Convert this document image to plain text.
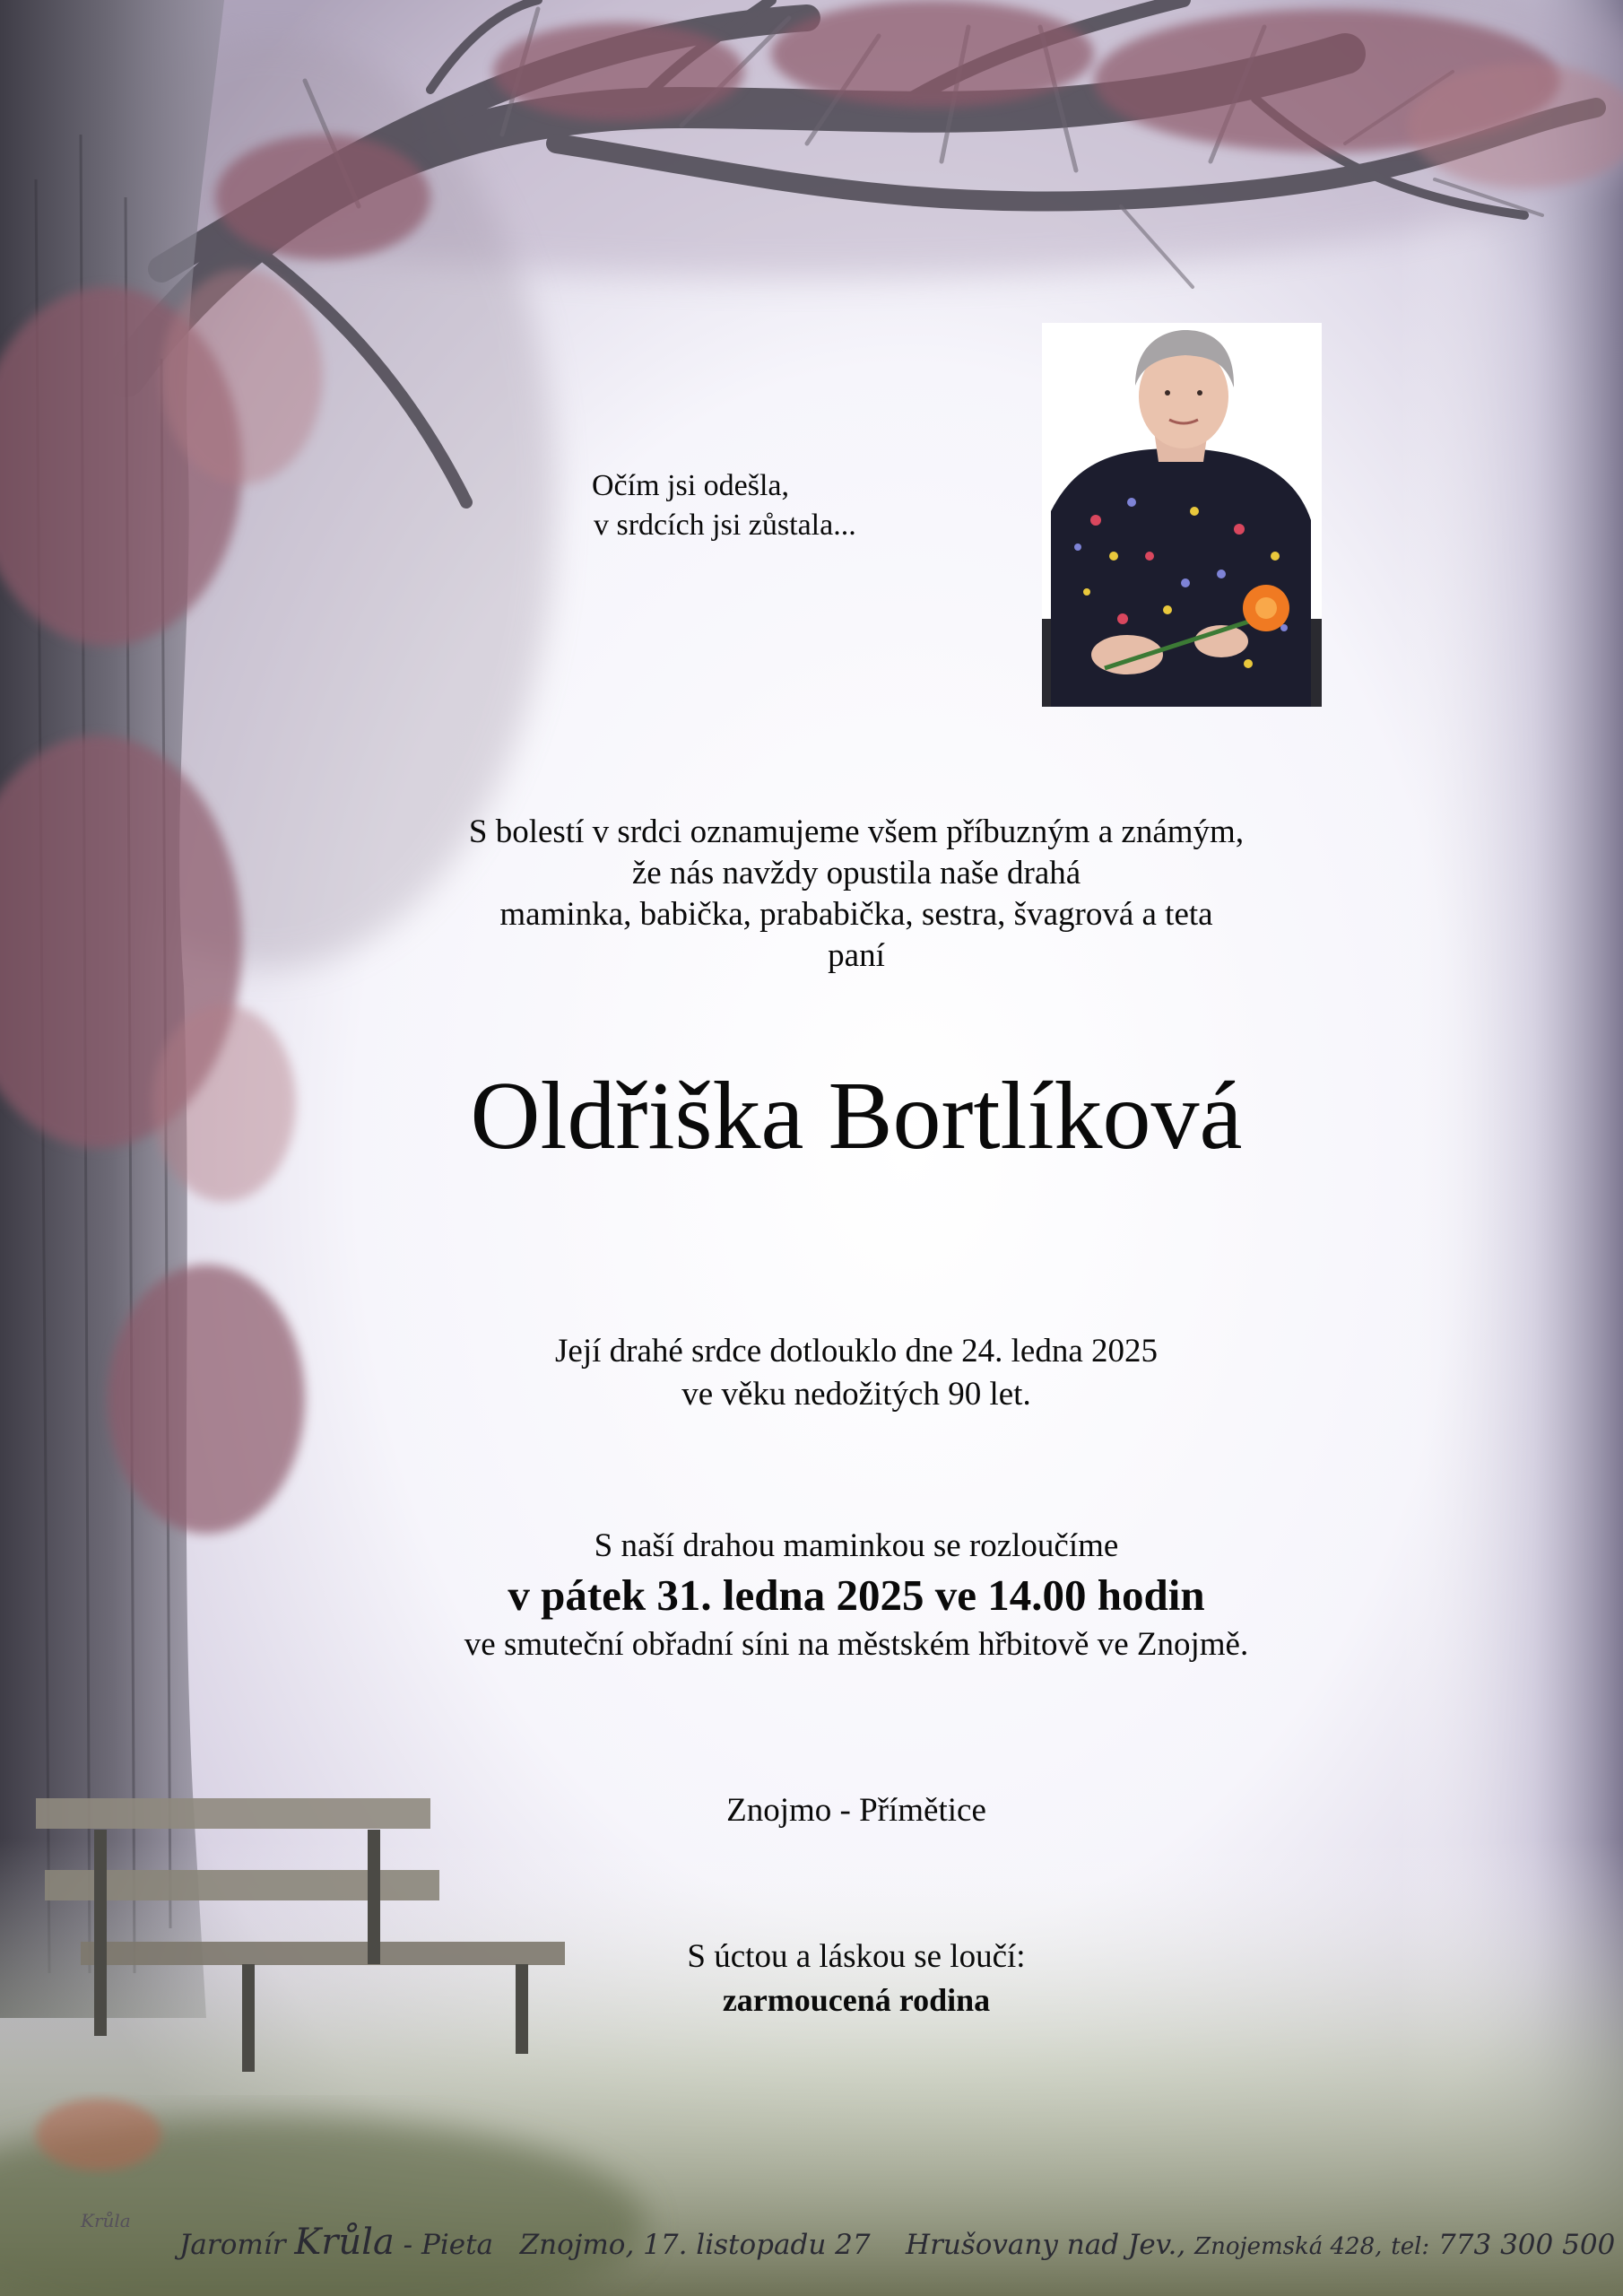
Očím jsi odešla,
v srdcích jsi zůstala...

S bolestí v srdci oznamujeme všem příbuzným a známým,
že nás navždy opustila naše drahá
maminka, babička, prababička, sestra, švagrová a teta
paní

Oldřiška Bortlíková

Její drahé srdce dotlouklo dne 24. ledna 2025
ve věku nedožitých 90 let.

S naší drahou maminkou se rozloučíme
v pátek 31. ledna 2025 ve 14.00 hodin
ve smuteční obřadní síni na městském hřbitově ve Znojmě.

Znojmo - Přímětice

S úctou a láskou se loučí:
zarmoucená rodina

Krůla
Jaromír Krůla - Pieta Znojmo, 17. listopadu 27 Hrušovany nad Jev., Znojemská 428, tel: 773 300 500
